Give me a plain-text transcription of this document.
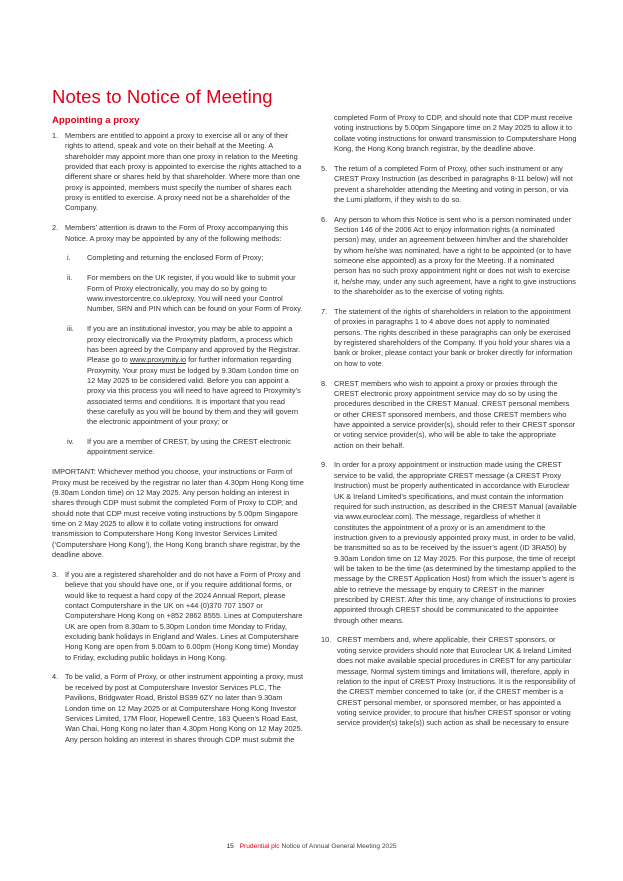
Notes to Notice of Meeting
Appointing a proxy
1. Members are entitled to appoint a proxy to exercise all or any of their rights to attend, speak and vote on their behalf at the Meeting. A shareholder may appoint more than one proxy in relation to the Meeting provided that each proxy is appointed to exercise the rights attached to a different share or shares held by that shareholder. Where more than one proxy is appointed, members must specify the number of shares each proxy is entitled to exercise. A proxy need not be a shareholder of the Company.

2. Members’ attention is drawn to the Form of Proxy accompanying this Notice. A proxy may be appointed by any of the following methods:

i.	Completing and returning the enclosed Form of Proxy;

ii.	For members on the UK register, if you would like to submit your Form of Proxy electronically, you may do so by going to www.investorcentre.co.uk/eproxy. You will need your Control Number, SRN and PIN which can be found on your Form of Proxy.

iii.	If you are an institutional investor, you may be able to appoint a proxy electronically via the Proxymity platform, a process which has been agreed by the Company and approved by the Registrar. Please go to www.proxymity.io for further information regarding Proxymity. Your proxy must be lodged by 9.30am London time on 12 May 2025 to be considered valid. Before you can appoint a proxy via this process you will need to have agreed to Proxymity’s associated terms and conditions. It is important that you read these carefully as you will be bound by them and they will govern the electronic appointment of your proxy; or

iv.	If you are a member of CREST, by using the CREST electronic appointment service.

IMPORTANT: Whichever method you choose, your instructions or Form of Proxy must be received by the registrar no later than 4.30pm Hong Kong time (9.30am London time) on 12 May 2025. Any person holding an interest in shares through CDP must submit the completed Form of Proxy to CDP, and should note that CDP must receive voting instructions by 5.00pm Singapore time on 2 May 2025 to allow it to collate voting instructions for onward transmission to Computershare Hong Kong Investor Services Limited (‘Computershare Hong Kong’), the Hong Kong branch share registrar, by the deadline above.

3. If you are a registered shareholder and do not have a Form of Proxy and believe that you should have one, or if you require additional forms, or would like to request a hard copy of the 2024 Annual Report, please contact Computershare in the UK on +44 (0)370 707 1507 or Computershare Hong Kong on +852 2862 8555. Lines at Computershare UK are open from 8.30am to 5.30pm London time Monday to Friday, excluding bank holidays in England and Wales. Lines at Computershare Hong Kong are open from 9.00am to 6.00pm (Hong Kong time) Monday to Friday, excluding public holidays in Hong Kong.

4. To be valid, a Form of Proxy, or other instrument appointing a proxy, must be received by post at Computershare Investor Services PLC, The Pavilions, Bridgwater Road, Bristol BS99 6ZY no later than 9.30am London time on 12 May 2025 or at Computershare Hong Kong Investor Services Limited, 17M Floor, Hopewell Centre, 183 Queen’s Road East, Wan Chai, Hong Kong no later than 4.30pm Hong Kong on 12 May 2025. Any person holding an interest in shares through CDP must submit the

completed Form of Proxy to CDP, and should note that CDP must receive voting instructions by 5.00pm Singapore time on 2 May 2025 to allow it to collate voting instructions for onward transmission to Computershare Hong Kong, the Hong Kong branch registrar, by the deadline above.

5. The return of a completed Form of Proxy, other such instrument or any CREST Proxy Instruction (as described in paragraphs 8-11 below) will not prevent a shareholder attending the Meeting and voting in person, or via the Lumi platform, if they wish to do so.

6. Any person to whom this Notice is sent who is a person nominated under Section 146 of the 2006 Act to enjoy information rights (a nominated person) may, under an agreement between him/her and the shareholder by whom he/she was nominated, have a right to be appointed (or to have someone else appointed) as a proxy for the Meeting. If a nominated person has no such proxy appointment right or does not wish to exercise it, he/she may, under any such agreement, have a right to give instructions to the shareholder as to the exercise of voting rights.

7. The statement of the rights of shareholders in relation to the appointment of proxies in paragraphs 1 to 4 above does not apply to nominated persons. The rights described in these paragraphs can only be exercised by registered shareholders of the Company. If you hold your shares via a bank or broker, please contact your bank or broker directly for information on how to vote.

8. CREST members who wish to appoint a proxy or proxies through the CREST electronic proxy appointment service may do so by using the procedures described in the CREST Manual. CREST personal members or other CREST sponsored members, and those CREST members who have appointed a service provider(s), should refer to their CREST sponsor or voting service provider(s), who will be able to take the appropriate action on their behalf.

9. In order for a proxy appointment or instruction made using the CREST service to be valid, the appropriate CREST message (a CREST Proxy Instruction) must be properly authenticated in accordance with Euroclear UK & Ireland Limited’s specifications, and must contain the information required for such instruction, as described in the CREST Manual (available via www.euroclear.com). The message, regardless of whether it constitutes the appointment of a proxy or is an amendment to the instruction given to a previously appointed proxy must, in order to be valid, be transmitted so as to be received by the issuer’s agent (ID 3RA50) by 9.30am London time on 12 May 2025. For this purpose, the time of receipt will be taken to be the time (as determined by the timestamp applied to the message by the CREST Application Host) from which the issuer’s agent is able to retrieve the message by enquiry to CREST in the manner prescribed by CREST. After this time, any change of instructions to proxies appointed through CREST should be communicated to the appointee through other means.

10. CREST members and, where applicable, their CREST sponsors, or voting service providers should note that Euroclear UK & Ireland Limited does not make available special procedures in CREST for any particular message. Normal system timings and limitations will, therefore, apply in relation to the input of CREST Proxy Instructions. It is the responsibility of the CREST member concerned to take (or, if the CREST member is a CREST personal member, or sponsored member, or has appointed a voting service provider, to procure that his/her CREST sponsor or voting service provider(s) take(s)) such action as shall be necessary to ensure

15 Prudential plc Notice of Annual General Meeting 2025
